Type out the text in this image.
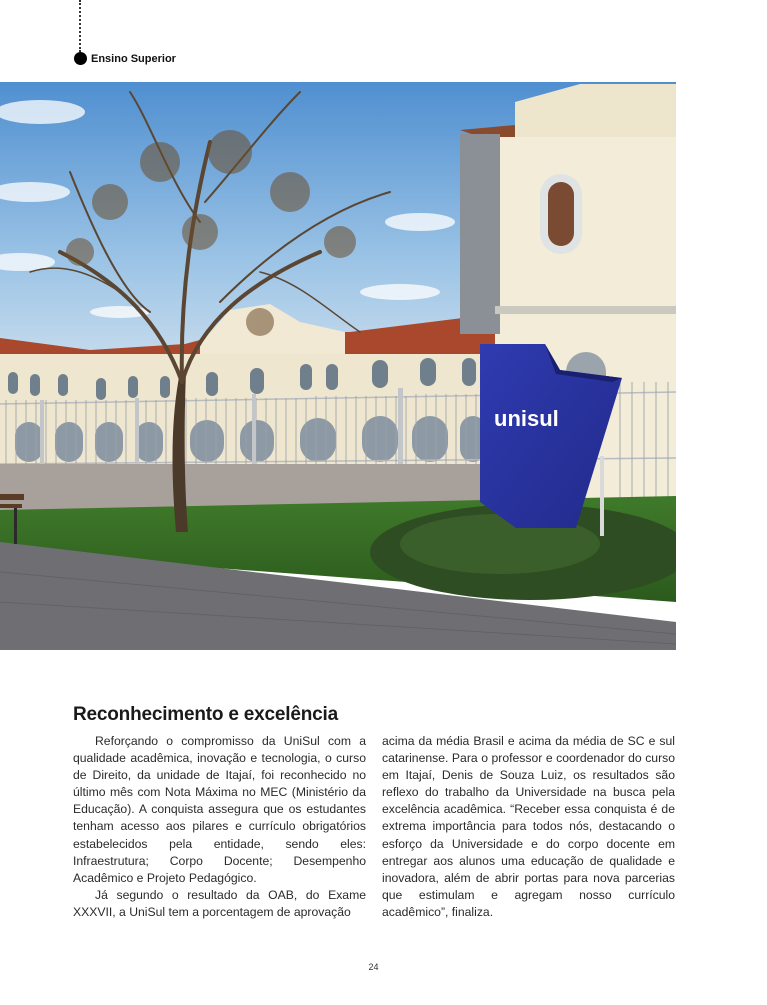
Ensino Superior
unisul
Reconhecimento e excelência

Reforçando o compromisso da UniSul com a qualidade acadêmica, inovação e tecnologia, o curso de Direito, da unidade de Itajaí, foi reconhecido no último mês com Nota Máxima no MEC (Ministério da Educação). A conquista assegura que os estudantes tenham acesso aos pilares e currículo obrigatórios estabelecidos pela entidade, sendo eles: Infraestrutura; Corpo Docente; Desempenho Acadêmico e Projeto Pedagógico.

Já segundo o resultado da OAB, do Exame XXXVII, a UniSul tem a porcentagem de aprovação

acima da média Brasil e acima da média de SC e sul catarinense. Para o professor e coordenador do curso em Itajaí, Denis de Souza Luiz, os resultados são reflexo do trabalho da Universidade na busca pela excelência acadêmica. “Receber essa conquista é de extrema importância para todos nós, destacando o esforço da Universidade e do corpo docente em entregar aos alunos uma educação de qualidade e inovadora, além de abrir portas para nova parcerias que estimulam e agregam nosso currículo acadêmico”, finaliza.

24
